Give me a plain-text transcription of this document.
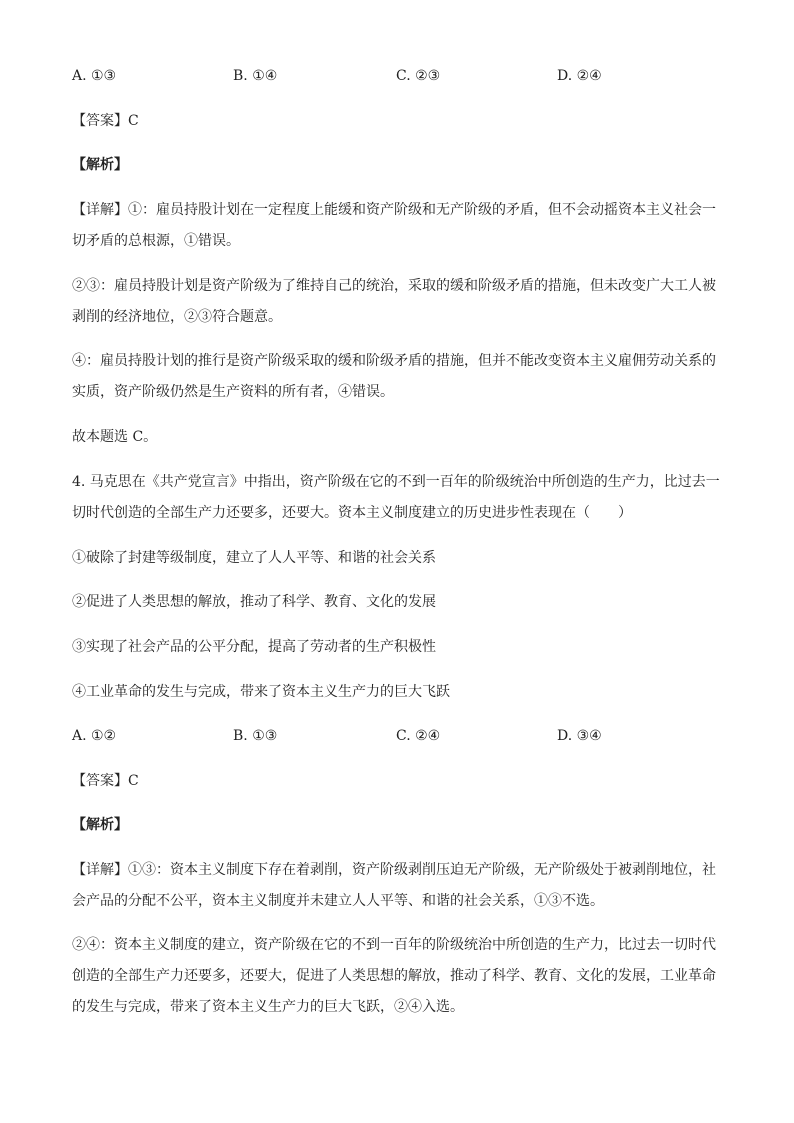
A. ①③	B. ①④	C. ②③	D. ②④
【答案】C
【解析】
【详解】①：雇员持股计划在一定程度上能缓和资产阶级和无产阶级的矛盾，但不会动摇资本主义社会一
切矛盾的总根源，①错误。
②③：雇员持股计划是资产阶级为了维持自己的统治，采取的缓和阶级矛盾的措施，但未改变广大工人被
剥削的经济地位，②③符合题意。
④：雇员持股计划的推行是资产阶级采取的缓和阶级矛盾的措施，但并不能改变资本主义雇佣劳动关系的
实质，资产阶级仍然是生产资料的所有者，④错误。
故本题选 C。
4. 马克思在《共产党宣言》中指出，资产阶级在它的不到一百年的阶级统治中所创造的生产力，比过去一
切时代创造的全部生产力还要多，还要大。资本主义制度建立的历史进步性表现在（　　）
①破除了封建等级制度，建立了人人平等、和谐的社会关系
②促进了人类思想的解放，推动了科学、教育、文化的发展
③实现了社会产品的公平分配，提高了劳动者的生产积极性
④工业革命的发生与完成，带来了资本主义生产力的巨大飞跃
A. ①②	B. ①③	C. ②④	D. ③④
【答案】C
【解析】
【详解】①③：资本主义制度下存在着剥削，资产阶级剥削压迫无产阶级，无产阶级处于被剥削地位，社
会产品的分配不公平，资本主义制度并未建立人人平等、和谐的社会关系，①③不选。
②④：资本主义制度的建立，资产阶级在它的不到一百年的阶级统治中所创造的生产力，比过去一切时代
创造的全部生产力还要多，还要大，促进了人类思想的解放，推动了科学、教育、文化的发展，工业革命
的发生与完成，带来了资本主义生产力的巨大飞跃，②④入选。
